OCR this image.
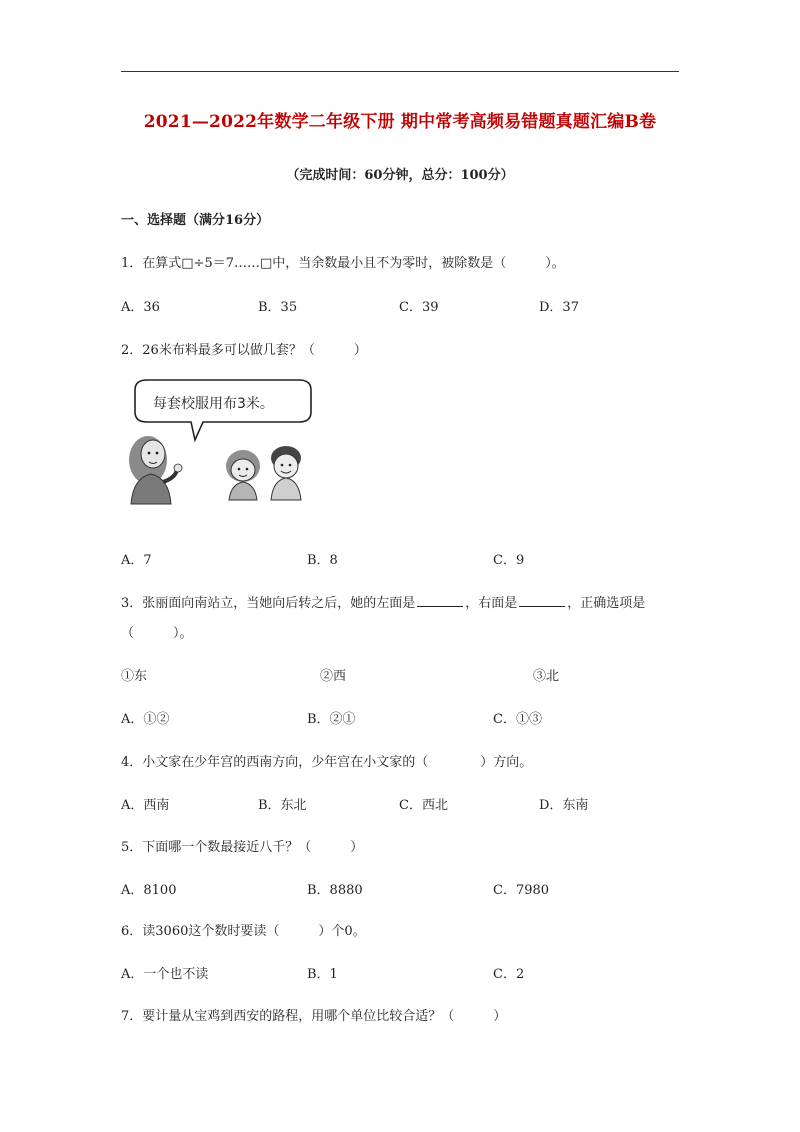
2021—2022年数学二年级下册 期中常考高频易错题真题汇编B卷
（完成时间：60分钟，总分：100分）
一、选择题（满分16分）
1．在算式□÷5＝7……□中，当余数最小且不为零时，被除数是（　　　）。
A．36	B．35	C．39	D．37
2．26米布料最多可以做几套？（　　　）
每套校服用布3米。
A．7	B．8	C．9
3．张丽面向南站立，当她向后转之后，她的左面是	，右面是	，正确选项是
（　　　）。
①东	②西	③北
A．①②	B．②①	C．①③
4．小文家在少年宫的西南方向，少年宫在小文家的（　　　　）方向。
A．西南	B．东北	C．西北	D．东南
5．下面哪一个数最接近八千？（　　　）
A．8100	B．8880	C．7980
6．读3060这个数时要读（　　　）个0。
A．一个也不读	B．1	C．2
7．要计量从宝鸡到西安的路程，用哪个单位比较合适？（　　　）
